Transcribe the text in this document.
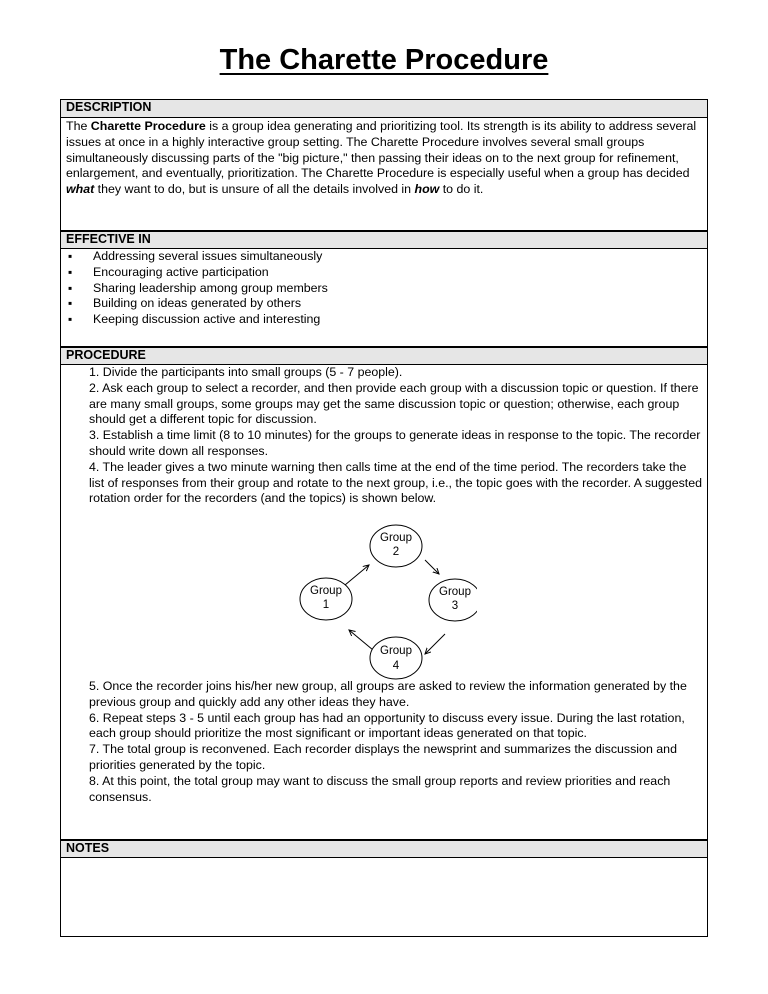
The Charette Procedure
DESCRIPTION

The Charette Procedure is a group idea generating and prioritizing tool. Its strength is its ability to address several issues at once in a highly interactive group setting. The Charette Procedure involves several small groups simultaneously discussing parts of the "big picture," then passing their ideas on to the next group for refinement, enlargement, and eventually, prioritization. The Charette Procedure is especially useful when a group has decided what they want to do, but is unsure of all the details involved in how to do it.

EFFECTIVE IN
▪ Addressing several issues simultaneously
▪ Encouraging active participation
▪ Sharing leadership among group members
▪ Building on ideas generated by others
▪ Keeping discussion active and interesting
PROCEDURE

1. Divide the participants into small groups (5 - 7 people).

2. Ask each group to select a recorder, and then provide each group with a discussion topic or question. If there are many small groups, some groups may get the same discussion topic or question; otherwise, each group should get a different topic for discussion.

3. Establish a time limit (8 to 10 minutes) for the groups to generate ideas in response to the topic. The recorder should write down all responses.

4. The leader gives a two minute warning then calls time at the end of the time period. The recorders take the list of responses from their group and rotate to the next group, i.e., the topic goes with the recorder. A suggested rotation order for the recorders (and the topics) is shown below.

Group
2
Group
3
Group
4
Group
1

5. Once the recorder joins his/her new group, all groups are asked to review the information generated by the previous group and quickly add any other ideas they have.

6. Repeat steps 3 - 5 until each group has had an opportunity to discuss every issue. During the last rotation, each group should prioritize the most significant or important ideas generated on that topic.

7. The total group is reconvened. Each recorder displays the newsprint and summarizes the discussion and priorities generated by the topic.

8. At this point, the total group may want to discuss the small group reports and review priorities and reach consensus.

NOTES
